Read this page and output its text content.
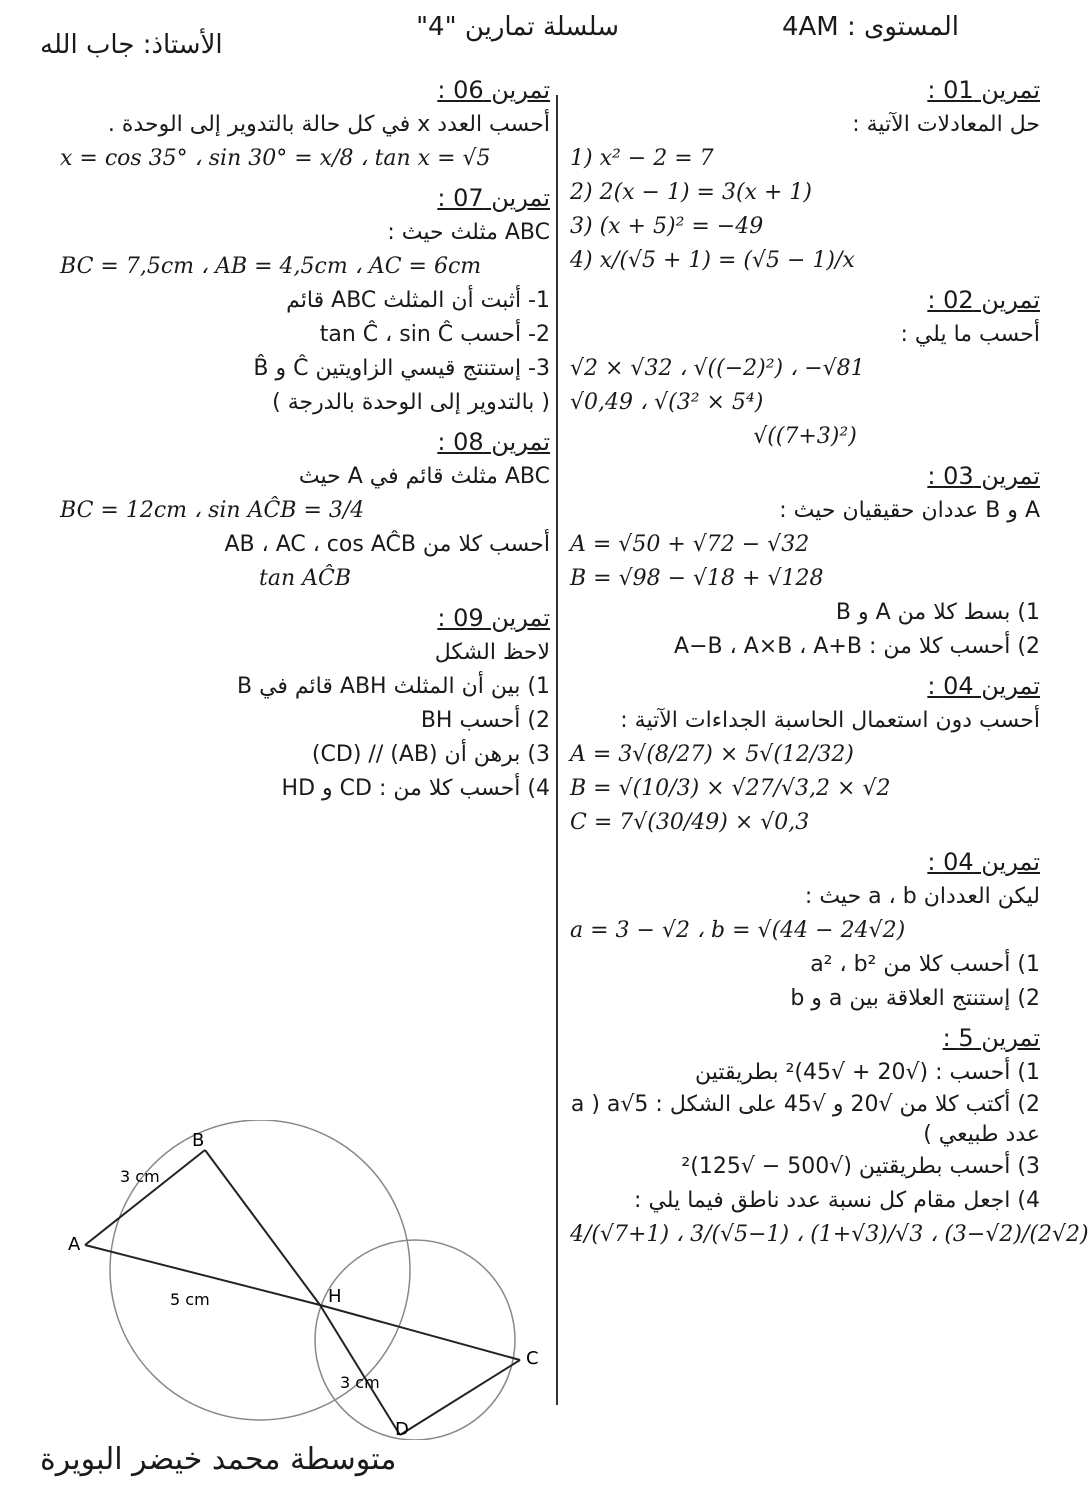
المستوى : 4AM
سلسلة تمارين "4"
الأستاذ: جاب الله
تمرين 01 :
حل المعادلات الآتية :
1) x² − 2 = 7
2) 2(x − 1) = 3(x + 1)
3) (x + 5)² = −49
4) x/(√5 + 1) = (√5 − 1)/x
تمرين 02 :
أحسب ما يلي :
√2 × √32 ، √((−2)²) ، −√81
√0,49 ، √(3² × 5⁴)
√((7+3)²)
تمرين 03 :
A و B عددان حقيقيان حيث :
A = √50 + √72 − √32
B = √98 − √18 + √128
1) بسط كلا من A و B
2) أحسب كلا من : A−B ، A×B ، A+B
تمرين 04 :
أحسب دون استعمال الحاسبة الجداءات الآتية :
A = 3√(8/27) × 5√(12/32)
B = √(10/3) × √27/√3,2 × √2
C = 7√(30/49) × √0,3
تمرين 04 :
ليكن العددان a ، b حيث :
a = 3 − √2 ، b = √(44 − 24√2)
1) أحسب كلا من a² ، b²
2) إستنتج العلاقة بين a و b
تمرين 5 :
1) أحسب : (√20 + √45)² بطريقتين
2) أكتب كلا من √20 و √45 على الشكل : a√5 ( a عدد طبيعي )
3) أحسب بطريقتين (√500 − √125)²
4) اجعل مقام كل نسبة عدد ناطق فيما يلي :
4/(√7+1) ، 3/(√5−1) ، (1+√3)/√3 ، (3−√2)/(2√2)
تمرين 06 :
أحسب العدد x في كل حالة بالتدوير إلى الوحدة .
x = cos 35° ، sin 30° = x/8 ، tan x = √5
تمرين 07 :
ABC مثلث حيث :
BC = 7,5cm ، AB = 4,5cm ، AC = 6cm
1- أثبت أن المثلث ABC قائم
2- أحسب tan Ĉ ، sin Ĉ
3- إستنتج قيسي الزاويتين Ĉ و B̂
( بالتدوير إلى الوحدة بالدرجة )
تمرين 08 :
ABC مثلث قائم في A حيث
BC = 12cm ، sin AĈB = 3/4
أحسب كلا من AB ، AC ، cos AĈB
tan AĈB
تمرين 09 :
لاحظ الشكل
1) بين أن المثلث ABH قائم في B
2) أحسب BH
3) برهن أن (AB) // (CD)
4) أحسب كلا من : CD و HD
B
A
H
C
D
3 cm
5 cm
3 cm
متوسطة محمد خيضر البويرة
